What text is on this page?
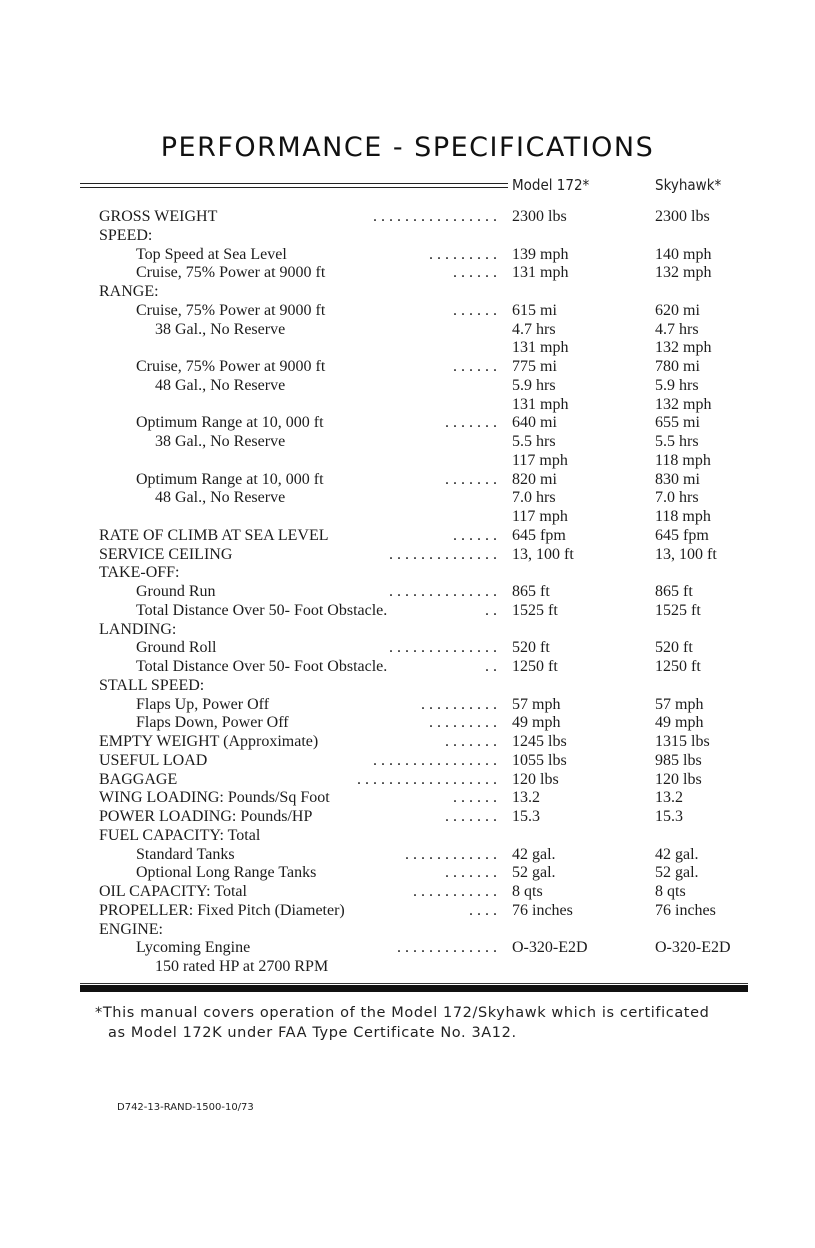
PERFORMANCE - SPECIFICATIONS
Model 172*	Skyhawk*
GROSS WEIGHT	. . . . . . . . . . . . . . . . 2300 lbs	2300 lbs
SPEED:
Top Speed at Sea Level	. . . . . . . . . 139 mph	140 mph
Cruise, 75% Power at 9000 ft	. . . . . . 131 mph	132 mph
RANGE:
Cruise, 75% Power at 9000 ft	. . . . . . 615 mi	620 mi
38 Gal., No Reserve	4.7 hrs	4.7 hrs
131 mph	132 mph
Cruise, 75% Power at 9000 ft	. . . . . . 775 mi	780 mi
48 Gal., No Reserve	5.9 hrs	5.9 hrs
131 mph	132 mph
Optimum Range at 10, 000 ft	. . . . . . . 640 mi	655 mi
38 Gal., No Reserve	5.5 hrs	5.5 hrs
117 mph	118 mph
Optimum Range at 10, 000 ft	. . . . . . . 820 mi	830 mi
48 Gal., No Reserve	7.0 hrs	7.0 hrs
117 mph	118 mph
RATE OF CLIMB AT SEA LEVEL	. . . . . . 645 fpm	645 fpm
SERVICE CEILING	. . . . . . . . . . . . . . 13, 100 ft	13, 100 ft
TAKE-OFF:
Ground Run	. . . . . . . . . . . . . . 865 ft	865 ft
Total Distance Over 50- Foot Obstacle.	. . 1525 ft	1525 ft
LANDING:
Ground Roll	. . . . . . . . . . . . . . 520 ft	520 ft
Total Distance Over 50- Foot Obstacle.	. . 1250 ft	1250 ft
STALL SPEED:
Flaps Up, Power Off	. . . . . . . . . . 57 mph	57 mph
Flaps Down, Power Off	. . . . . . . . . 49 mph	49 mph
EMPTY WEIGHT (Approximate)	. . . . . . . 1245 lbs	1315 lbs
USEFUL LOAD	. . . . . . . . . . . . . . . . 1055 lbs	985 lbs
BAGGAGE	. . . . . . . . . . . . . . . . . . 120 lbs	120 lbs
WING LOADING: Pounds/Sq Foot	. . . . . . 13.2	13.2
POWER LOADING: Pounds/HP	. . . . . . . 15.3	15.3
FUEL CAPACITY: Total
Standard Tanks	. . . . . . . . . . . . 42 gal.	42 gal.
Optional Long Range Tanks	. . . . . . . 52 gal.	52 gal.
OIL CAPACITY: Total	. . . . . . . . . . . 8 qts	8 qts
PROPELLER: Fixed Pitch (Diameter)	. . . . 76 inches	76 inches
ENGINE:
Lycoming Engine	. . . . . . . . . . . . . O-320-E2D	O-320-E2D
150 rated HP at 2700 RPM
*This manual covers operation of the Model 172/Skyhawk which is certificated
as Model 172K under FAA Type Certificate No. 3A12.
D742-13-RAND-1500-10/73
